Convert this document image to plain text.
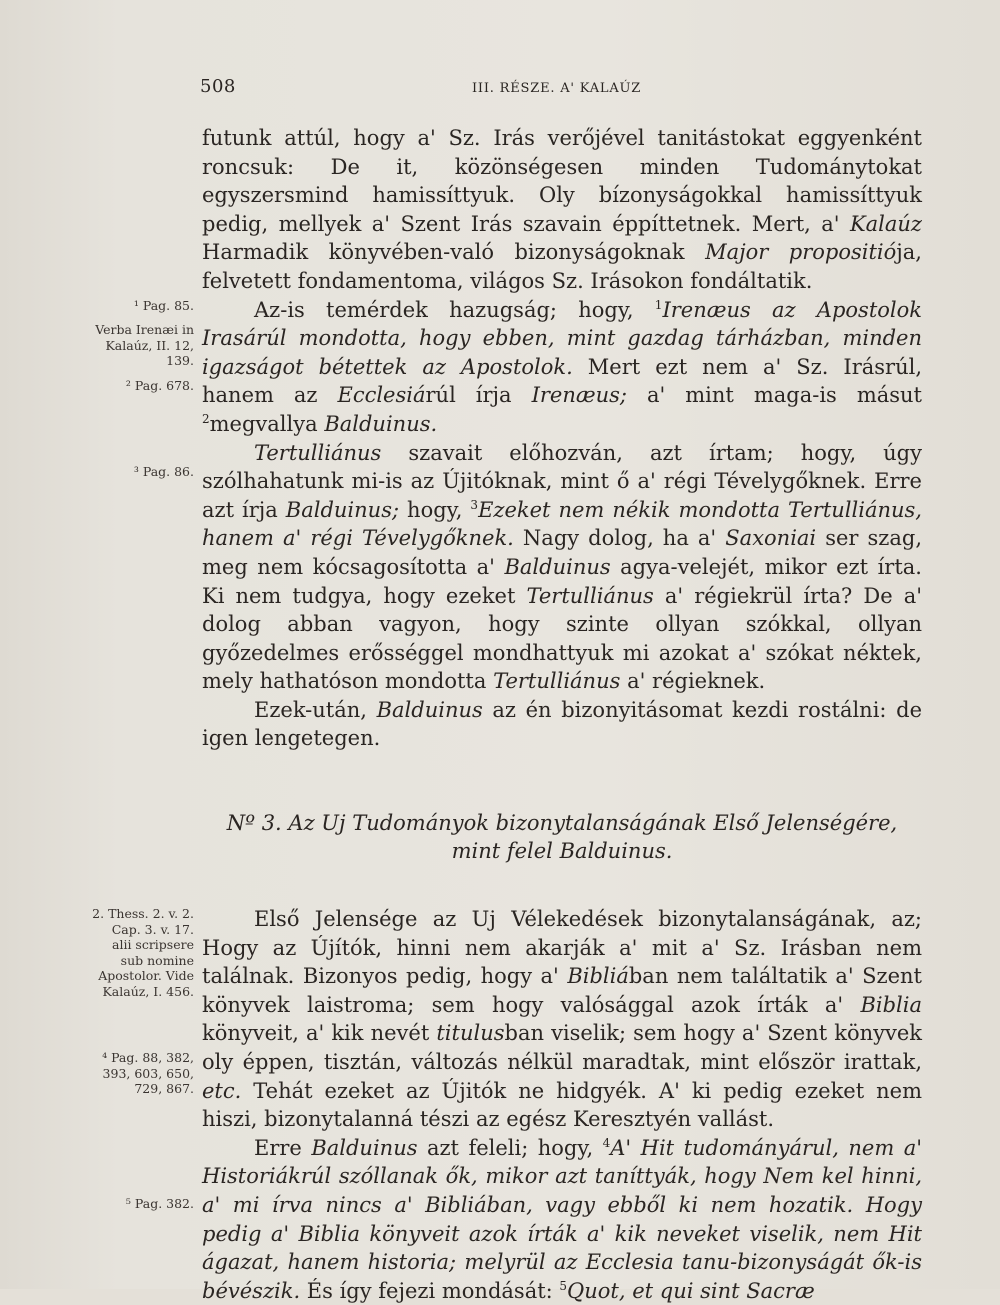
508	III. RÉSZE. A' KALAÚZ
¹ Pag. 85.
Verba Irenæi in Kalaúz, II. 12, 139.
² Pag. 678.
³ Pag. 86.
2. Thess. 2. v. 2. Cap. 3. v. 17. alii scripsere sub nomine Apostolor. Vide Kalaúz, I. 456.
⁴ Pag. 88, 382, 393, 603, 650, 729, 867.
⁵ Pag. 382.

futunk attúl, hogy a' Sz. Irás verőjével tanitástokat eggyenként roncsuk: De it, közönségesen minden Tudománytokat egyszersmind hamissíttyuk. Oly bízonyságokkal hamissíttyuk pedig, mellyek a' Szent Irás szavain éppíttetnek. Mert, a' Kalaúz Harmadik könyvében-való bizonyságoknak Major propositiója, felvetett fondamentoma, világos Sz. Irásokon fondáltatik.

Az-is temérdek hazugság; hogy, $^1$Irenæus az Apostolok Irasárúl mondotta, hogy ebben, mint gazdag tárházban, minden igazságot bétettek az Apostolok. Mert ezt nem a' Sz. Irásrúl, hanem az Ecclesiárúl írja Irenæus; a' mint maga-is másut $^2$megvallya Balduinus.

Tertulliánus szavait előhozván, azt írtam; hogy, úgy szólhahatunk mi-is az Újitóknak, mint ő a' régi Tévelygőknek. Erre azt írja Balduinus; hogy, $^3$Ezeket nem nékik mondotta Tertulliánus, hanem a' régi Tévelygőknek. Nagy dolog, ha a' Saxoniai ser szag, meg nem kócsagosította a' Balduinus agya-velejét, mikor ezt írta. Ki nem tudgya, hogy ezeket Tertulliánus a' régiekrül írta? De a' dolog abban vagyon, hogy szinte ollyan szókkal, ollyan győzedelmes erősséggel mondhattyuk mi azokat a' szókat néktek, mely hathatóson mondotta Tertulliánus a' régieknek.

Ezek-után, Balduinus az én bizonyitásomat kezdi rostálni: de igen lengetegen.

Nº 3. Az Uj Tudományok bizonytalanságának Első Jelenségére,
mint felel Balduinus.

Első Jelensége az Uj Vélekedések bizonytalanságának, az; Hogy az Újítók, hinni nem akarják a' mit a' Sz. Irásban nem találnak. Bizonyos pedig, hogy a' Bibliában nem találtatik a' Szent könyvek laistroma; sem hogy valósággal azok írták a' Biblia könyveit, a' kik nevét titulusban viselik; sem hogy a' Szent könyvek oly éppen, tisztán, változás nélkül maradtak, mint először irattak, etc. Tehát ezeket az Újitók ne hidgyék. A' ki pedig ezeket nem hiszi, bizonytalanná tészi az egész Keresztyén vallást.

Erre Balduinus azt feleli; hogy, $^4$A' Hit tudományárul, nem a' Historiákrúl szóllanak ők, mikor azt taníttyák, hogy Nem kel hinni, a' mi írva nincs a' Bibliában, vagy ebből ki nem hozatik. Hogy pedig a' Biblia könyveit azok írták a' kik neveket viselik, nem Hit ágazat, hanem historia; melyrül az Ecclesia tanu-bizonyságát ők-is bévészik. És így fejezi mondását: $^5$Quot, et qui sint Sacræ
